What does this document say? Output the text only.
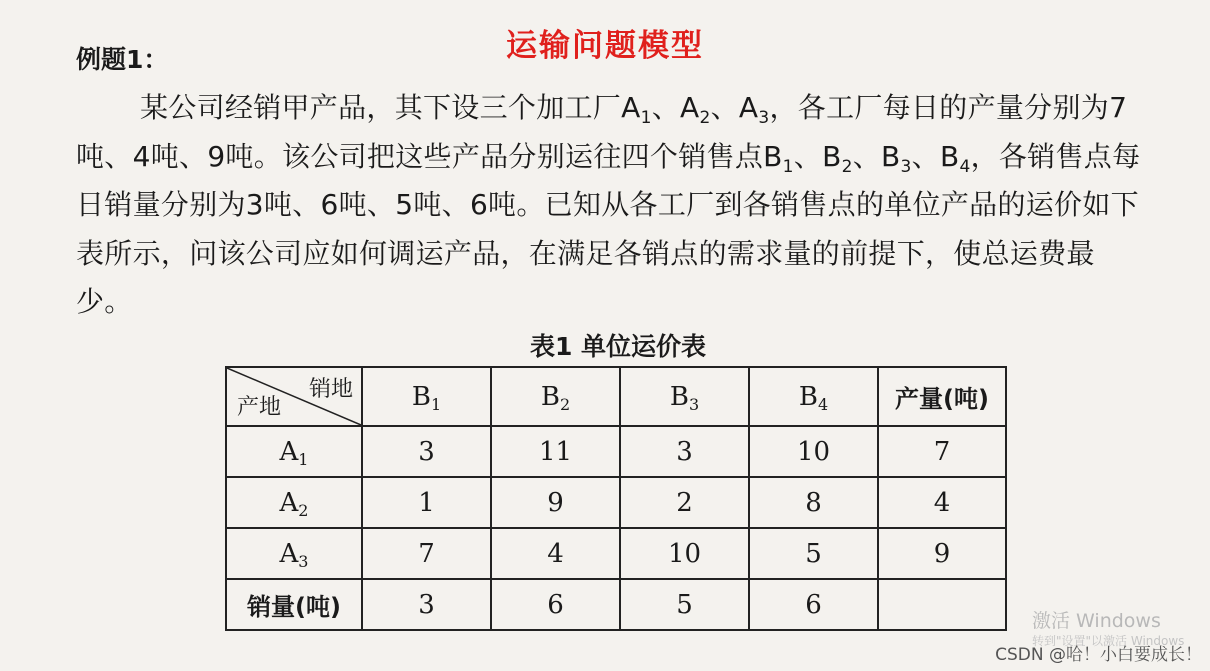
运输问题模型
例题1：
某公司经销甲产品，其下设三个加工厂$A_1$、$A_2$、$A_3$，各工厂每日的产量分别为7吨、4吨、9吨。该公司把这些产品分别运往四个销售点$B_1$、$B_2$、$B_3$、$B_4$，各销售点每日销量分别为3吨、6吨、5吨、6吨。已知从各工厂到各销售点的单位产品的运价如下表所示，问该公司应如何调运产品，在满足各销点的需求量的前提下，使总运费最少。
表1 单位运价表
销地
产地	$B_1$	$B_2$	$B_3$	$B_4$	产量(吨)
$A_1$	3	11	3	10	7
$A_2$	1	9	2	8	4
$A_3$	7	4	10	5	9
销量(吨)	3	6	5	6	
激活 Windows
转到"设置"以激活 Windows
CSDN @哈！小白要成长！
